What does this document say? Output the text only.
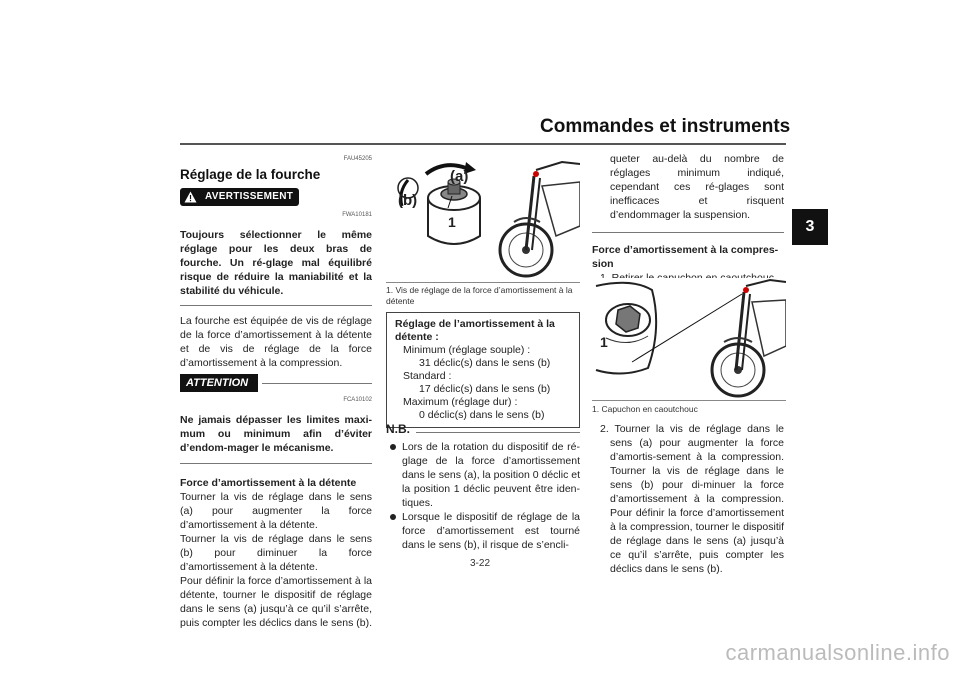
Commandes et instruments
3
FAU45205
Réglage de la fourche
AVERTISSEMENT
FWA10181

Toujours sélectionner le même réglage pour les deux bras de fourche. Un ré-glage mal équilibré risque de réduire la maniabilité et la stabilité du véhicule.

La fourche est équipée de vis de réglage de la force d’amortissement à la détente et de vis de réglage de la force d’amortissement à la compression.

ATTENTION
FCA10102

Ne jamais dépasser les limites maxi-mum ou minimum afin d’éviter d’endom-mager le mécanisme.

Force d’amortissement à la détente

Tourner la vis de réglage dans le sens (a) pour augmenter la force d’amortissement à la détente.

Tourner la vis de réglage dans le sens (b) pour diminuer la force d’amortissement à la détente.

Pour définir la force d’amortissement à la détente, tourner le dispositif de réglage dans le sens (a) jusqu’à ce qu’il s’arrête, puis compter les déclics dans le sens (b).

(a)
(b)
1
1. Vis de réglage de la force d’amortissement à la détente
Réglage de l’amortissement à la détente :
Minimum (réglage souple) :
31 déclic(s) dans le sens (b)
Standard :
17 déclic(s) dans le sens (b)
Maximum (réglage dur) :
0 déclic(s) dans le sens (b)
N.B.

Lors de la rotation du dispositif de ré-glage de la force d’amortissement dans le sens (a), la position 0 déclic et la position 1 déclic peuvent être iden-tiques.

Lorsque le dispositif de réglage de la force d’amortissement est tourné dans le sens (b), il risque de s’encli-

queter au-delà du nombre de réglages minimum indiqué, cependant ces ré-glages sont inefficaces et risquent d’endommager la suspension.

Force d’amortissement à la compres-sion

1
1. Capuchon en caoutchouc

2. Tourner la vis de réglage dans le sens (a) pour augmenter la force d’amortis-sement à la compression. Tourner la vis de réglage dans le sens (b) pour di-minuer la force d’amortissement à la compression. Pour définir la force d’amortissement à la compression, tourner le dispositif de réglage dans le sens (a) jusqu’à ce qu’il s’arrête, puis compter les déclics dans le sens (b).

3-22
carmanualsonline.info
